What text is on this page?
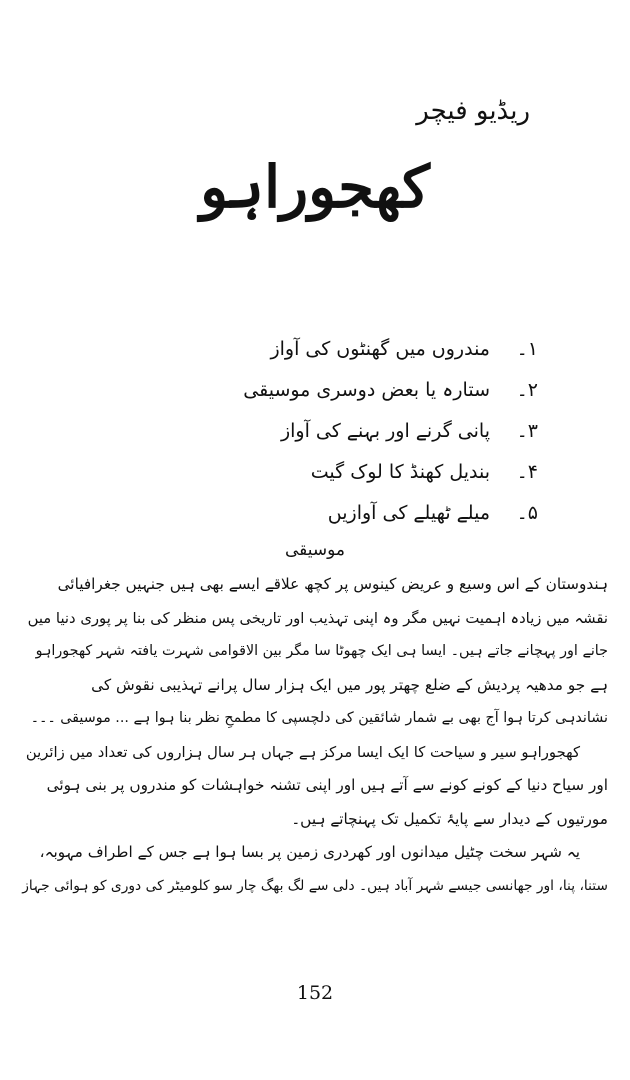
ریڈیو فیچر
کھجوراہو
۱۔
مندروں میں گھنٹوں کی آواز
۲۔
ستارہ یا بعض دوسری موسیقی
۳۔
پانی گرنے اور بہنے کی آواز
۴۔
بندیل کھنڈ کا لوک گیت
۵۔
میلے ٹھیلے کی آوازیں
موسیقی

ہندوستان کے اس وسیع و عریض کینوس پر کچھ علاقے ایسے بھی ہیں جنہیں جغرافیائی

نقشہ میں زیادہ اہمیت نہیں مگر وہ اپنی تہذیب اور تاریخی پس منظر کی بنا پر پوری دنیا میں

جانے اور پہچانے جاتے ہیں۔ ایسا ہی ایک چھوٹا سا مگر بین الاقوامی شہرت یافتہ شہر کھجوراہو

ہے جو مدھیہ پردیش کے ضلع چھتر پور میں ایک ہزار سال پرانے تہذیبی نقوش کی

نشاندہی کرتا ہوا آج بھی بے شمار شائقین کی دلچسپی کا مطمحِ نظر بنا ہوا ہے ... موسیقی ۔۔۔

کھجوراہو سیر و سیاحت کا ایک ایسا مرکز ہے جہاں ہر سال ہزاروں کی تعداد میں زائرین

اور سیاح دنیا کے کونے کونے سے آتے ہیں اور اپنی تشنہ خواہشات کو مندروں پر بنی ہوئی

مورتیوں کے دیدار سے پایۂ تکمیل تک پہنچاتے ہیں۔

یہ شہر سخت چٹیل میدانوں اور کھردری زمین پر بسا ہوا ہے جس کے اطراف مہوبہ،

ستنا، پنا، اور جھانسی جیسے شہر آباد ہیں۔ دلی سے لگ بھگ چار سو کلومیٹر کی دوری کو ہوائی جہاز

152
